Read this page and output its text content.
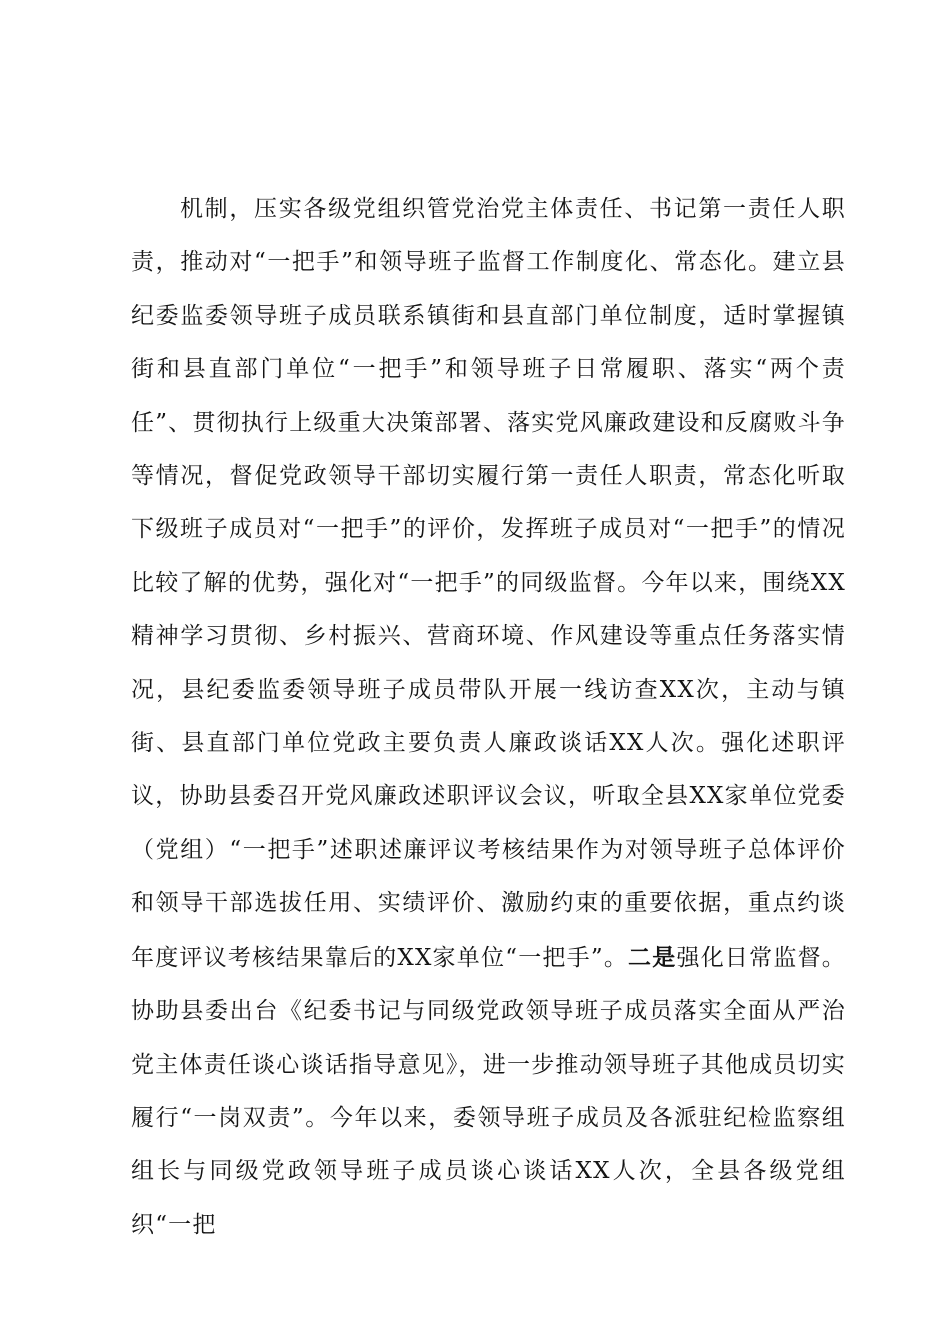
机制，压实各级党组织管党治党主体责任、书记第一责任人职责，推动对“一把手”和领导班子监督工作制度化、常态化。建立县纪委监委领导班子成员联系镇街和县直部门单位制度，适时掌握镇街和县直部门单位“一把手”和领导班子日常履职、落实“两个责任”、贯彻执行上级重大决策部署、落实党风廉政建设和反腐败斗争等情况，督促党政领导干部切实履行第一责任人职责，常态化听取下级班子成员对“一把手”的评价，发挥班子成员对“一把手”的情况比较了解的优势，强化对“一把手”的同级监督。今年以来，围绕XX精神学习贯彻、乡村振兴、营商环境、作风建设等重点任务落实情况，县纪委监委领导班子成员带队开展一线访查XX次，主动与镇街、县直部门单位党政主要负责人廉政谈话XX人次。强化述职评议，协助县委召开党风廉政述职评议会议，听取全县XX家单位党委（党组）“一把手”述职述廉评议考核结果作为对领导班子总体评价和领导干部选拔任用、实绩评价、激励约束的重要依据，重点约谈年度评议考核结果靠后的XX家单位“一把手”。二是强化日常监督。协助县委出台《纪委书记与同级党政领导班子成员落实全面从严治党主体责任谈心谈话指导意见》，进一步推动领导班子其他成员切实履行“一岗双责”。今年以来，委领导班子成员及各派驻纪检监察组组长与同级党政领导班子成员谈心谈话XX人次，全县各级党组织“一把
